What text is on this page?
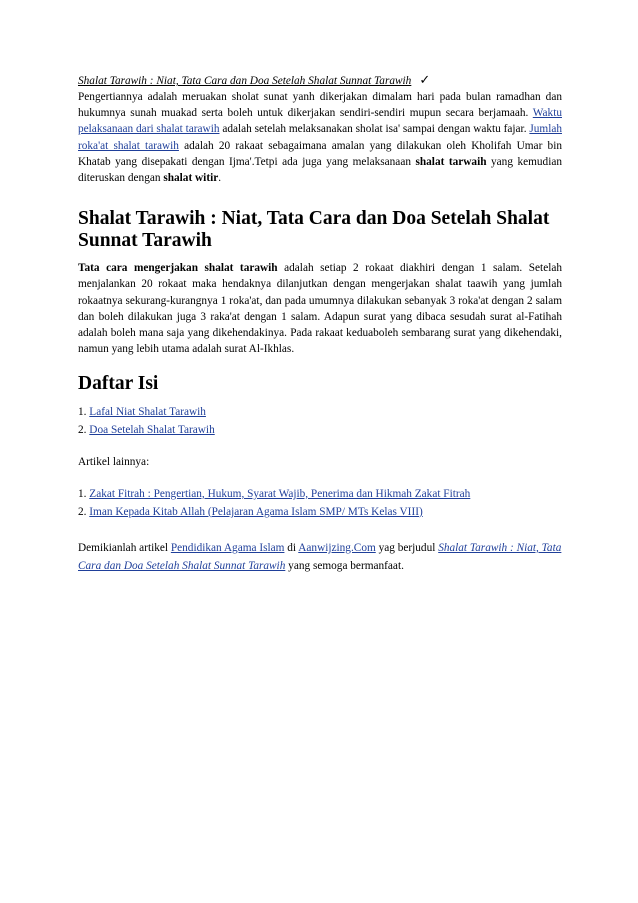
Shalat Tarawih : Niat, Tata Cara dan Doa Setelah Shalat Sunnat Tarawih ✓

Pengertiannya adalah meruakan sholat sunat yanh dikerjakan dimalam hari pada bulan ramadhan dan hukumnya sunah muakad serta boleh untuk dikerjakan sendiri-sendiri mupun secara berjamaah. Waktu pelaksanaan dari shalat tarawih adalah setelah melaksanakan sholat isa' sampai dengan waktu fajar. Jumlah roka'at shalat tarawih adalah 20 rakaat sebagaimana amalan yang dilakukan oleh Kholifah Umar bin Khatab yang disepakati dengan Ijma'.Tetpi ada juga yang melaksanaan shalat tarwaih yang kemudian diteruskan dengan shalat witir.

Shalat Tarawih : Niat, Tata Cara dan Doa Setelah Shalat Sunnat Tarawih

Tata cara mengerjakan shalat tarawih adalah setiap 2 rokaat diakhiri dengan 1 salam. Setelah menjalankan 20 rokaat maka hendaknya dilanjutkan dengan mengerjakan shalat taawih yang jumlah rokaatnya sekurang-kurangnya 1 roka'at, dan pada umumnya dilakukan sebanyak 3 roka'at dengan 2 salam dan boleh dilakukan juga 3 raka'at dengan 1 salam. Adapun surat yang dibaca sesudah surat al-Fatihah adalah boleh mana saja yang dikehendakinya. Pada rakaat keduaboleh sembarang surat yang dikehendaki, namun yang lebih utama adalah surat Al-Ikhlas.

Daftar Isi

1. Lafal Niat Shalat Tarawih

2. Doa Setelah Shalat Tarawih

Artikel lainnya:

1. Zakat Fitrah : Pengertian, Hukum, Syarat Wajib, Penerima dan Hikmah Zakat Fitrah

2. Iman Kepada Kitab Allah (Pelajaran Agama Islam SMP/ MTs Kelas VIII)

Demikianlah artikel Pendidikan Agama Islam di Aanwijzing.Com yag berjudul Shalat Tarawih : Niat, Tata Cara dan Doa Setelah Shalat Sunnat Tarawih yang semoga bermanfaat.
